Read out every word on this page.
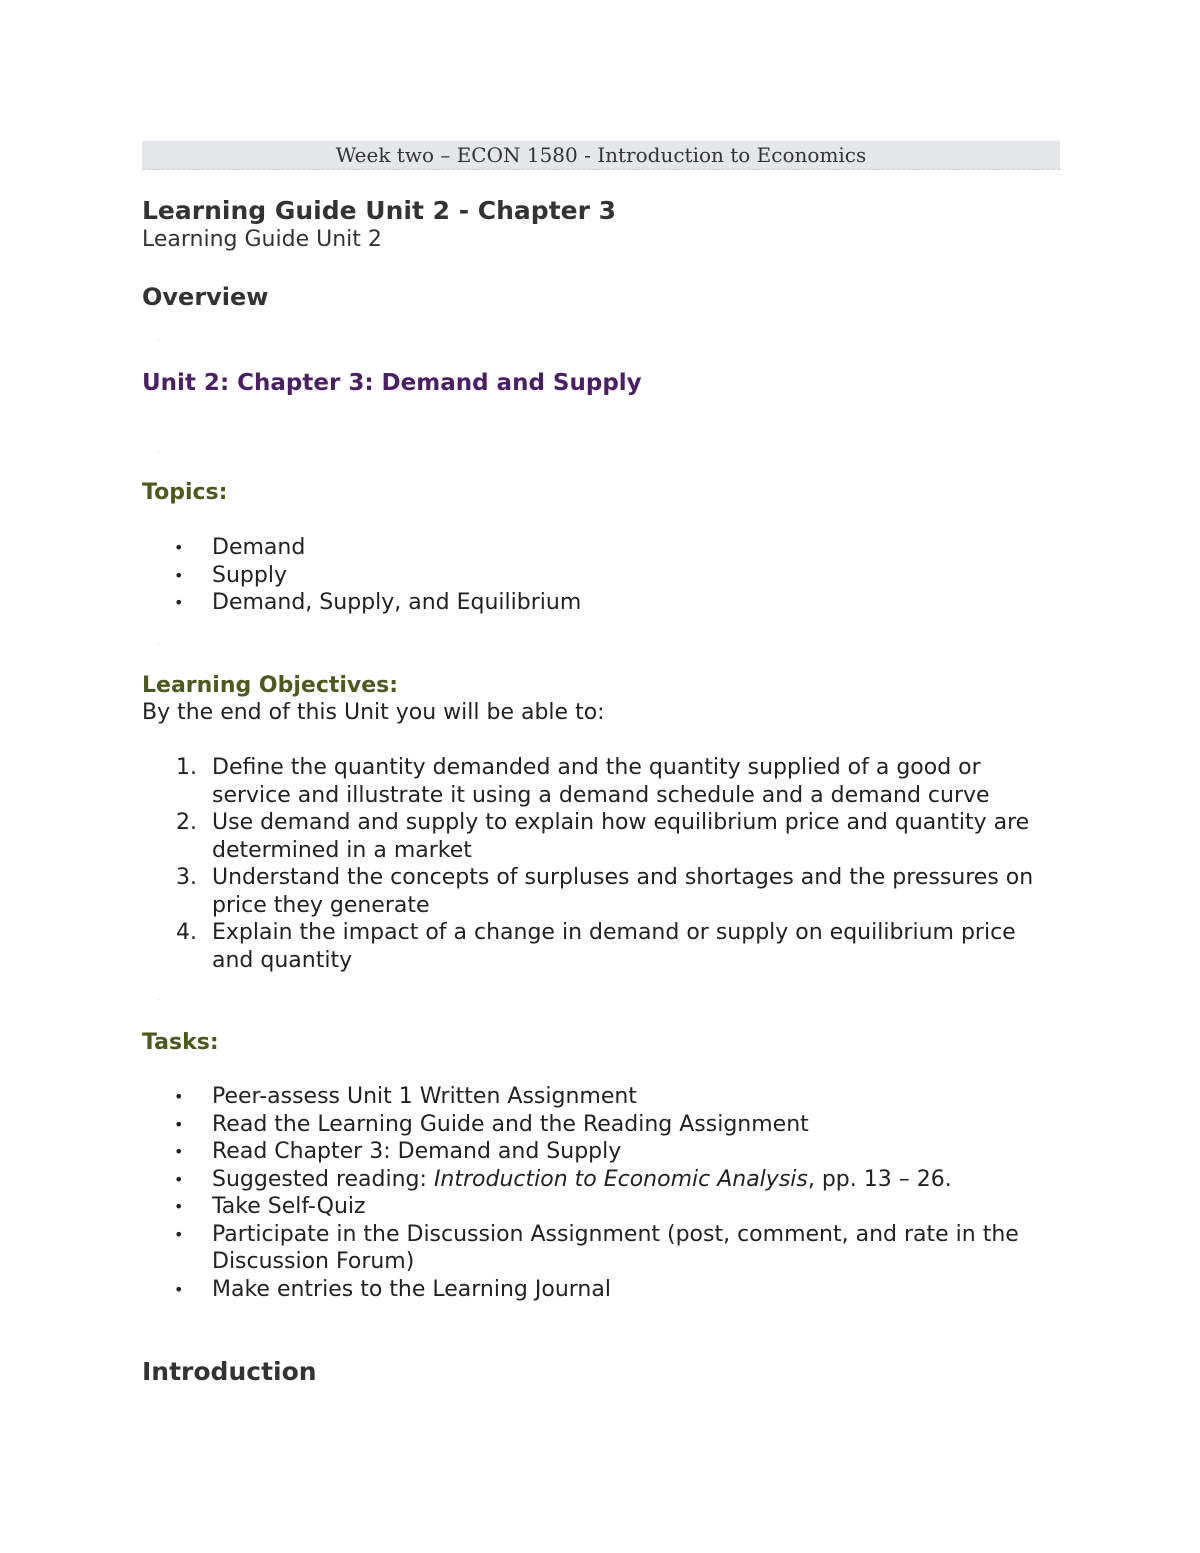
Week two – ECON 1580 - Introduction to Economics
Learning Guide Unit 2 - Chapter 3
Learning Guide Unit 2
Overview
Unit 2: Chapter 3: Demand and Supply
Topics:
• Demand
• Supply
• Demand, Supply, and Equilibrium
Learning Objectives:
By the end of this Unit you will be able to:
1. Define the quantity demanded and the quantity supplied of a good or service and illustrate it using a demand schedule and a demand curve
2. Use demand and supply to explain how equilibrium price and quantity are determined in a market
3. Understand the concepts of surpluses and shortages and the pressures on price they generate
4. Explain the impact of a change in demand or supply on equilibrium price and quantity
Tasks:
• Peer-assess Unit 1 Written Assignment
• Read the Learning Guide and the Reading Assignment
• Read Chapter 3: Demand and Supply
• Suggested reading: Introduction to Economic Analysis, pp. 13 – 26.
• Take Self-Quiz
• Participate in the Discussion Assignment (post, comment, and rate in the Discussion Forum)
• Make entries to the Learning Journal
Introduction
